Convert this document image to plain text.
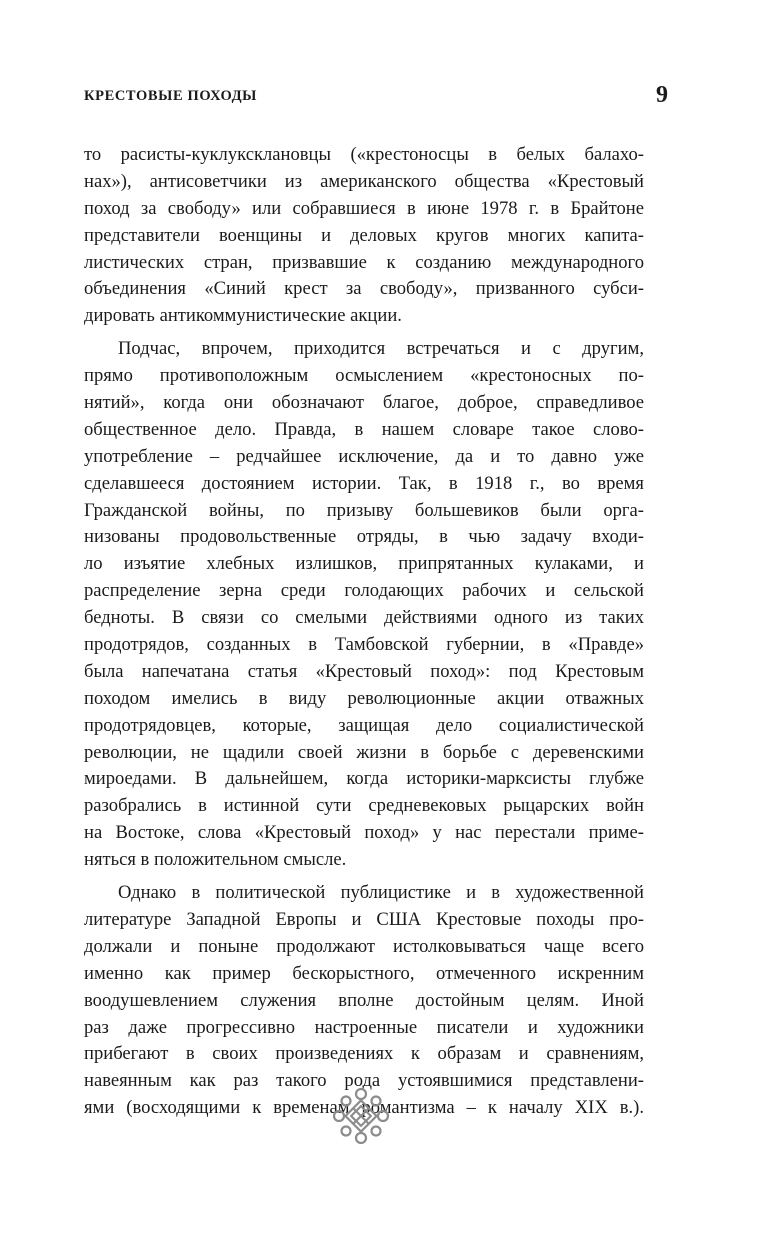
КРЕСТОВЫЕ ПОХОДЫ	9
то расисты-куклуксклановцы («крестоносцы в белых балахо-
нах»), антисоветчики из американского общества «Крестовый
поход за свободу» или собравшиеся в июне 1978 г. в Брайтоне
представители военщины и деловых кругов многих капита-
листических стран, призвавшие к созданию международного
объединения «Синий крест за свободу», призванного субси-
дировать антикоммунистические акции.
Подчас, впрочем, приходится встречаться и с другим,
прямо противоположным осмыслением «крестоносных по-
нятий», когда они обозначают благое, доброе, справедливое
общественное дело. Правда, в нашем словаре такое слово-
употребление – редчайшее исключение, да и то давно уже
сделавшееся достоянием истории. Так, в 1918 г., во время
Гражданской войны, по призыву большевиков были орга-
низованы продовольственные отряды, в чью задачу входи-
ло изъятие хлебных излишков, припрятанных кулаками, и
распределение зерна среди голодающих рабочих и сельской
бедноты. В связи со смелыми действиями одного из таких
продотрядов, созданных в Тамбовской губернии, в «Правде»
была напечатана статья «Крестовый поход»: под Крестовым
походом имелись в виду революционные акции отважных
продотрядовцев, которые, защищая дело социалистической
революции, не щадили своей жизни в борьбе с деревенскими
мироедами. В дальнейшем, когда историки-марксисты глубже
разобрались в истинной сути средневековых рыцарских войн
на Востоке, слова «Крестовый поход» у нас перестали приме-
няться в положительном смысле.
Однако в политической публицистике и в художественной
литературе Западной Европы и США Крестовые походы про-
должали и поныне продолжают истолковываться чаще всего
именно как пример бескорыстного, отмеченного искренним
воодушевлением служения вполне достойным целям. Иной
раз даже прогрессивно настроенные писатели и художники
прибегают в своих произведениях к образам и сравнениям,
навеянным как раз такого рода устоявшимися представлени-
ями (восходящими к временам романтизма – к началу XIX в.).
